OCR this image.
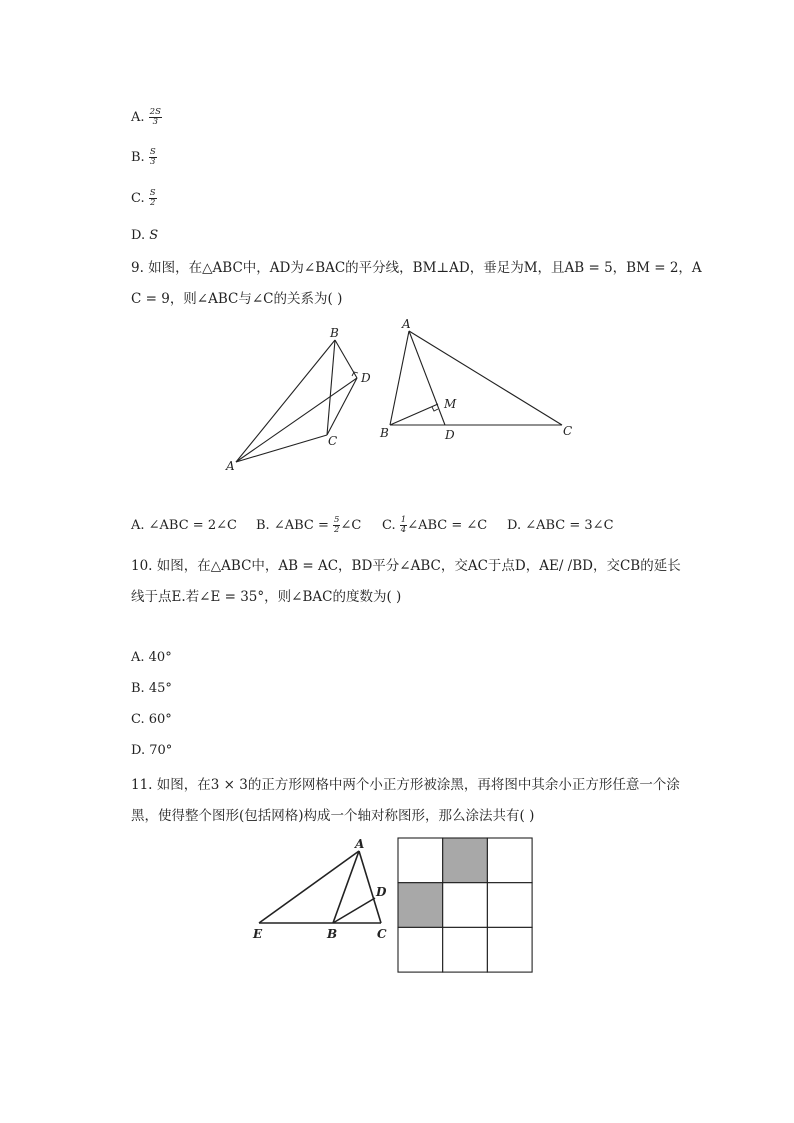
A. $\frac{2S}{3}$
B. $\frac{S}{3}$
C. $\frac{S}{2}$
D. S
9. 如图，在△ABC中，AD为∠BAC的平分线，BM⊥AD，垂足为M，且AB = 5，BM = 2，A
C = 9，则∠ABC与∠C的关系为( )
B
D
C
A
A
M
B	D	C
A. ∠ABC = 2∠C B. ∠ABC = $\frac{5}{2}$ ∠C C. $\frac{1}{4}$ ∠ABC = ∠C D. ∠ABC = 3∠C
10. 如图，在△ABC中，AB = AC，BD平分∠ABC，交AC于点D，AE/ /BD，交CB的延长
线于点E.若∠E = 35°，则∠BAC的度数为( )
A. 40°
B. 45°
C. 60°
D. 70°
11. 如图，在3 × 3的正方形网格中两个小正方形被涂黑，再将图中其余小正方形任意一个涂
黑，使得整个图形(包括网格)构成一个轴对称图形，那么涂法共有( )
A
D
E	B	C
